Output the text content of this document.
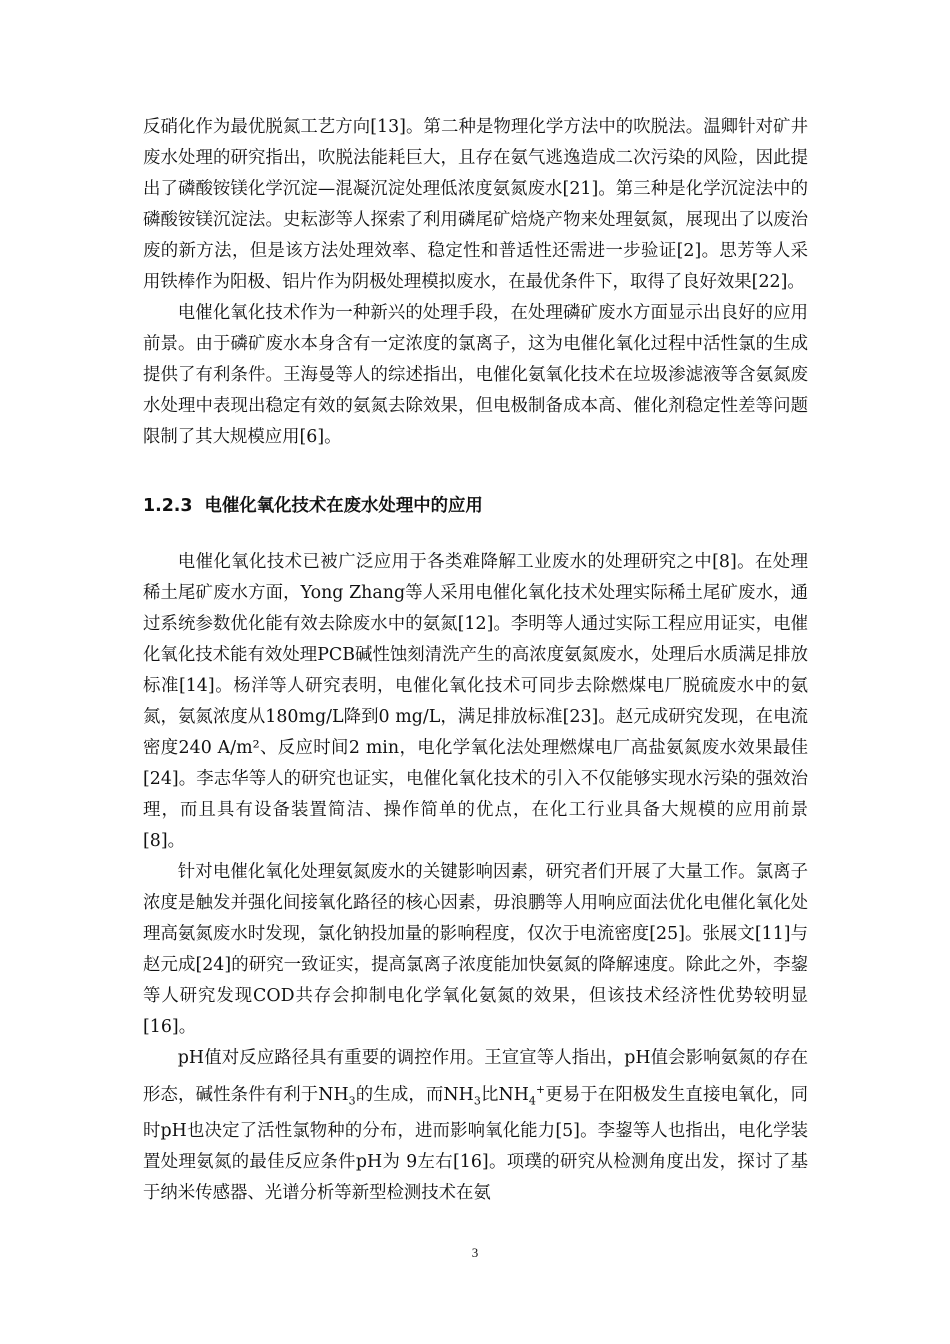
反硝化作为最优脱氮工艺方向[13]。第二种是物理化学方法中的吹脱法。温卿针对矿井废水处理的研究指出，吹脱法能耗巨大，且存在氨气逃逸造成二次污染的风险，因此提出了磷酸铵镁化学沉淀—混凝沉淀处理低浓度氨氮废水[21]。第三种是化学沉淀法中的磷酸铵镁沉淀法。史耘澎等人探索了利用磷尾矿焙烧产物来处理氨氮，展现出了以废治废的新方法，但是该方法处理效率、稳定性和普适性还需进一步验证[2]。思芳等人采用铁棒作为阳极、铝片作为阴极处理模拟废水，在最优条件下，取得了良好效果[22]。

电催化氧化技术作为一种新兴的处理手段，在处理磷矿废水方面显示出良好的应用前景。由于磷矿废水本身含有一定浓度的氯离子，这为电催化氧化过程中活性氯的生成提供了有利条件。王海曼等人的综述指出，电催化氨氧化技术在垃圾渗滤液等含氨氮废水处理中表现出稳定有效的氨氮去除效果，但电极制备成本高、催化剂稳定性差等问题限制了其大规模应用[6]。

1.2.3 电催化氧化技术在废水处理中的应用

电催化氧化技术已被广泛应用于各类难降解工业废水的处理研究之中[8]。在处理稀土尾矿废水方面，Yong Zhang等人采用电催化氧化技术处理实际稀土尾矿废水，通过系统参数优化能有效去除废水中的氨氮[12]。李明等人通过实际工程应用证实，电催化氧化技术能有效处理PCB碱性蚀刻清洗产生的高浓度氨氮废水，处理后水质满足排放标准[14]。杨洋等人研究表明，电催化氧化技术可同步去除燃煤电厂脱硫废水中的氨氮，氨氮浓度从180mg/L降到0 mg/L，满足排放标准[23]。赵元成研究发现，在电流密度240 A/m²、反应时间2 min，电化学氧化法处理燃煤电厂高盐氨氮废水效果最佳[24]。李志华等人的研究也证实，电催化氧化技术的引入不仅能够实现水污染的强效治理，而且具有设备装置简洁、操作简单的优点，在化工行业具备大规模的应用前景[8]。

针对电催化氧化处理氨氮废水的关键影响因素，研究者们开展了大量工作。氯离子浓度是触发并强化间接氧化路径的核心因素，毋浪鹏等人用响应面法优化电催化氧化处理高氨氮废水时发现，氯化钠投加量的影响程度，仅次于电流密度[25]。张展文[11]与赵元成[24]的研究一致证实，提高氯离子浓度能加快氨氮的降解速度。除此之外，李鋆等人研究发现COD共存会抑制电化学氧化氨氮的效果，但该技术经济性优势较明显[16]。

pH值对反应路径具有重要的调控作用。王宣宣等人指出，pH值会影响氨氮的存在形态，碱性条件有利于$NH_3$的生成，而$NH_3$比$NH_4^+$更易于在阳极发生直接电氧化，同时pH也决定了活性氯物种的分布，进而影响氧化能力[5]。李鋆等人也指出，电化学装置处理氨氮的最佳反应条件pH为 9左右[16]。项璞的研究从检测角度出发，探讨了基于纳米传感器、光谱分析等新型检测技术在氨

3
